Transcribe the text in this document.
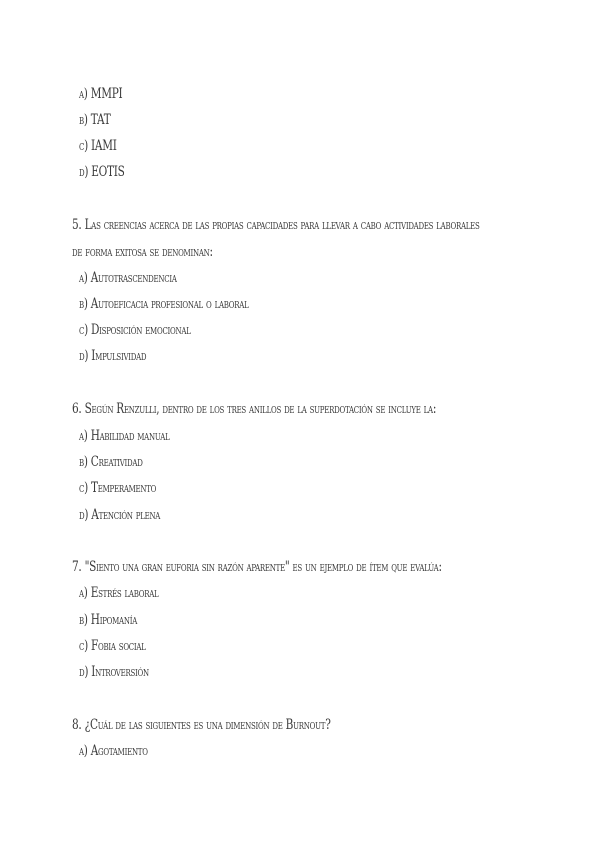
a) MMPI
b) TAT
c) IAMI
d) EOTIS
5. Las creencias acerca de las propias capacidades para llevar a cabo actividades laborales
de forma exitosa se denominan:
a) Autotrascendencia
b) Autoeficacia profesional o laboral
c) Disposición emocional
d) Impulsividad
6. Según Renzulli, dentro de los tres anillos de la superdotación se incluye la:
a) Habilidad manual
b) Creatividad
c) Temperamento
d) Atención plena
7. "Siento una gran euforia sin razón aparente" es un ejemplo de ítem que evalúa:
a) Estrés laboral
b) Hipomanía
c) Fobia social
d) Introversión
8. ¿Cuál de las siguientes es una dimensión de Burnout?
a) Agotamiento
